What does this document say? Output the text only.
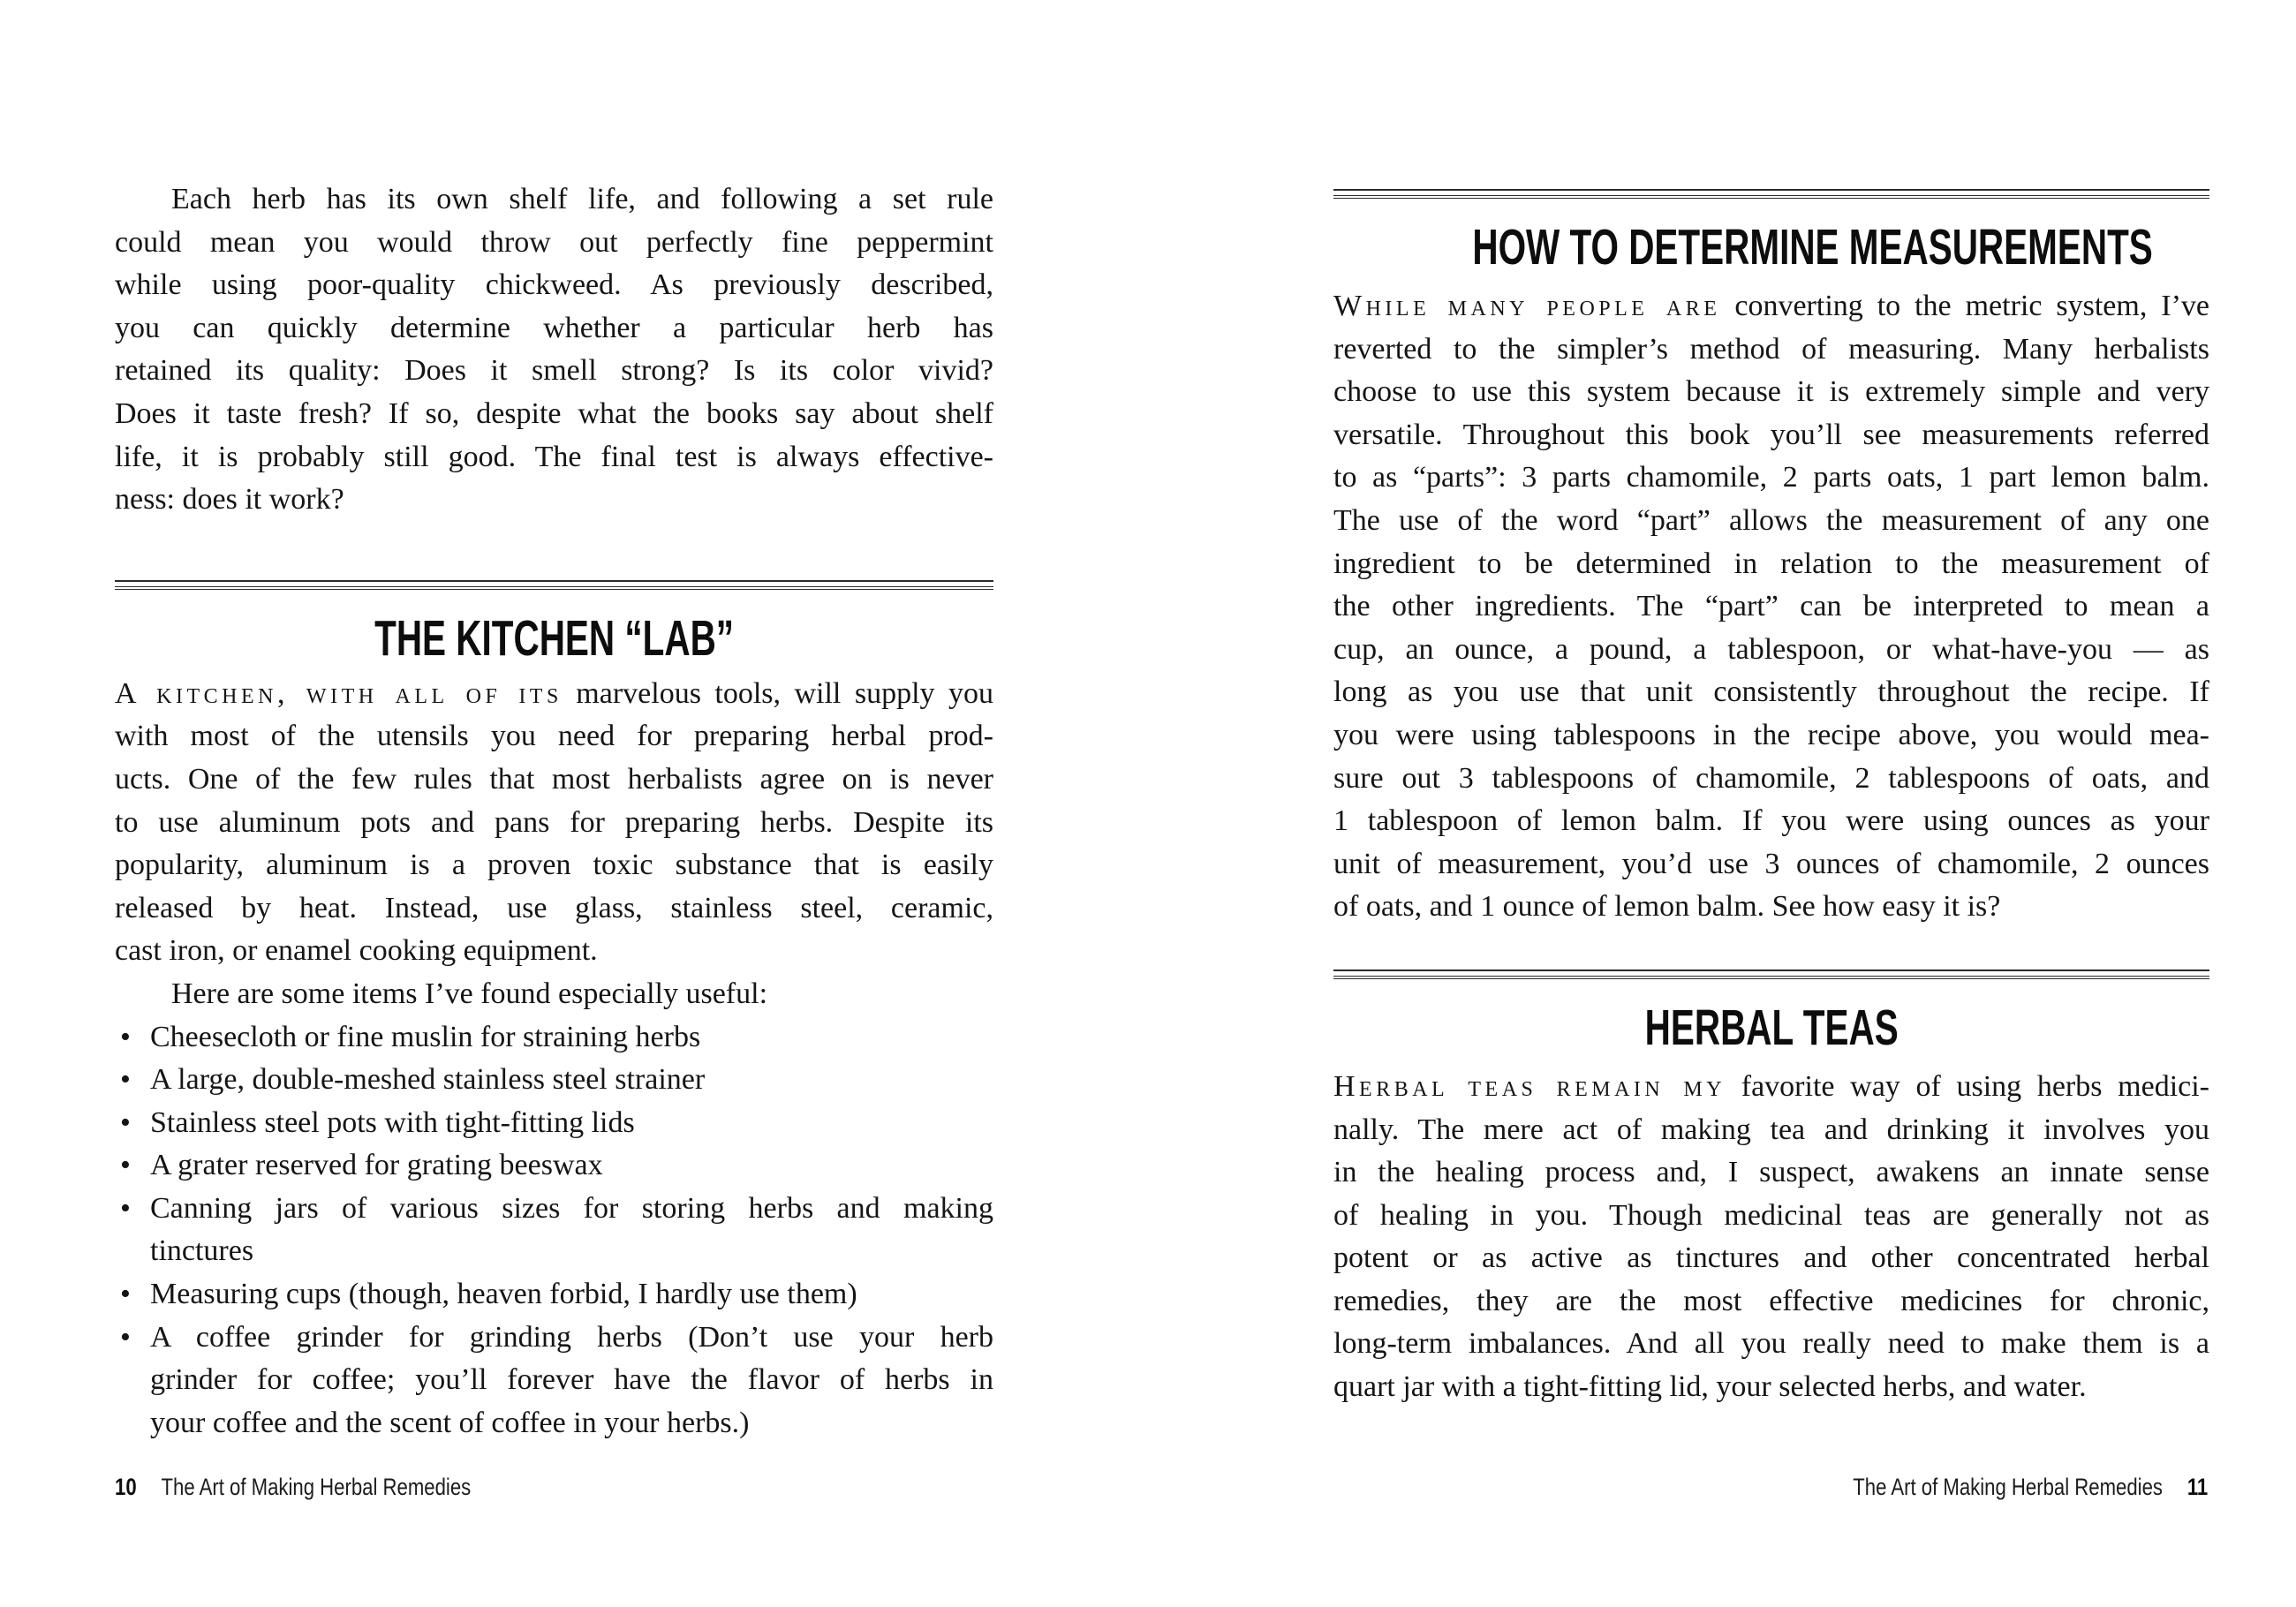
Each herb has its own shelf life, and following a set rule
could mean you would throw out perfectly fine peppermint
while using poor-quality chickweed. As previously described,
you can quickly determine whether a particular herb has
retained its quality: Does it smell strong? Is its color vivid?
Does it taste fresh? If so, despite what the books say about shelf
life, it is probably still good. The final test is always effective-
ness: does it work?
THE KITCHEN “LAB”
A kitchen, with all of its marvelous tools, will supply you
with most of the utensils you need for preparing herbal prod-
ucts. One of the few rules that most herbalists agree on is never
to use aluminum pots and pans for preparing herbs. Despite its
popularity, aluminum is a proven toxic substance that is easily
released by heat. Instead, use glass, stainless steel, ceramic,
cast iron, or enamel cooking equipment.
Here are some items I’ve found especially useful:
• Cheesecloth or fine muslin for straining herbs
• A large, double-meshed stainless steel strainer
• Stainless steel pots with tight-fitting lids
• A grater reserved for grating beeswax
• Canning jars of various sizes for storing herbs and making
tinctures
• Measuring cups (though, heaven forbid, I hardly use them)
• A coffee grinder for grinding herbs (Don’t use your herb
grinder for coffee; you’ll forever have the flavor of herbs in
your coffee and the scent of coffee in your herbs.)
HOW TO DETERMINE MEASUREMENTS
While many people are converting to the metric system, I’ve
reverted to the simpler’s method of measuring. Many herbalists
choose to use this system because it is extremely simple and very
versatile. Throughout this book you’ll see measurements referred
to as “parts”: 3 parts chamomile, 2 parts oats, 1 part lemon balm.
The use of the word “part” allows the measurement of any one
ingredient to be determined in relation to the measurement of
the other ingredients. The “part” can be interpreted to mean a
cup, an ounce, a pound, a tablespoon, or what-have-you — as
long as you use that unit consistently throughout the recipe. If
you were using tablespoons in the recipe above, you would mea-
sure out 3 tablespoons of chamomile, 2 tablespoons of oats, and
1 tablespoon of lemon balm. If you were using ounces as your
unit of measurement, you’d use 3 ounces of chamomile, 2 ounces
of oats, and 1 ounce of lemon balm. See how easy it is?
HERBAL TEAS
Herbal teas remain my favorite way of using herbs medici-
nally. The mere act of making tea and drinking it involves you
in the healing process and, I suspect, awakens an innate sense
of healing in you. Though medicinal teas are generally not as
potent or as active as tinctures and other concentrated herbal
remedies, they are the most effective medicines for chronic,
long-term imbalances. And all you really need to make them is a
quart jar with a tight-fitting lid, your selected herbs, and water.
10 The Art of Making Herbal Remedies	The Art of Making Herbal Remedies 11
